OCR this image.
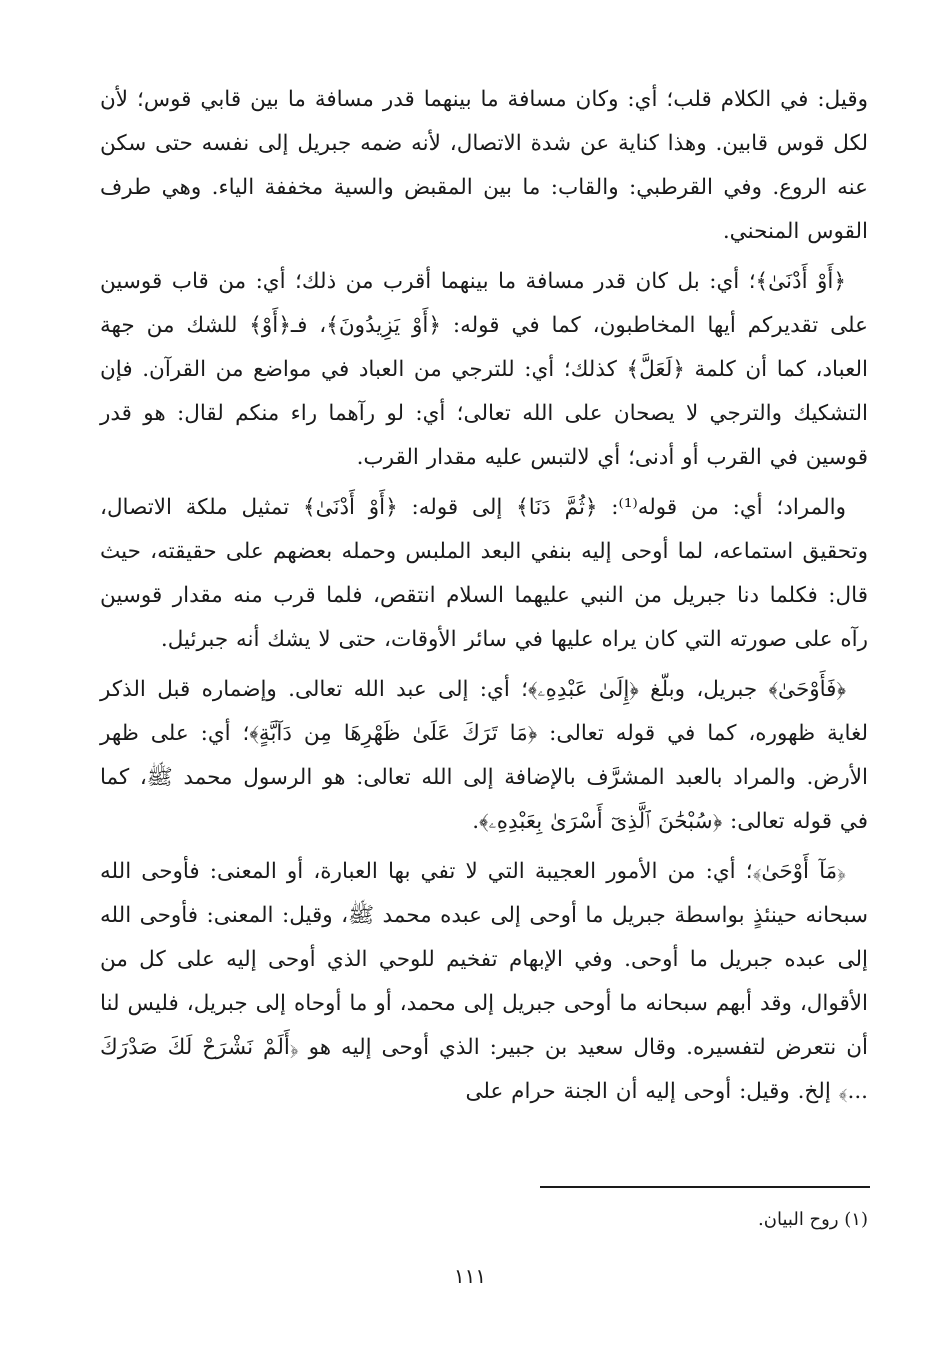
وقيل: في الكلام قلب؛ أي: وكان مسافة ما بينهما قدر مسافة ما بين قابي قوس؛ لأن لكل قوس قابين. وهذا كناية عن شدة الاتصال، لأنه ضمه جبريل إلى نفسه حتى سكن عنه الروع. وفي القرطبي: والقاب: ما بين المقبض والسية مخففة الياء. وهي طرف القوس المنحني.

﴿أَوْ أَدْنَىٰ﴾؛ أي: بل كان قدر مسافة ما بينهما أقرب من ذلك؛ أي: من قاب قوسين على تقديركم أيها المخاطبون، كما في قوله: ﴿أَوْ يَزِيدُونَ﴾، فـ﴿أَوْ﴾ للشك من جهة العباد، كما أن كلمة ﴿لَعَلَّ﴾ كذلك؛ أي: للترجي من العباد في مواضع من القرآن. فإن التشكيك والترجي لا يصحان على الله تعالى؛ أي: لو رآهما راء منكم لقال: هو قدر قوسين في القرب أو أدنى؛ أي لالتبس عليه مقدار القرب.

والمراد؛ أي: من قوله⁽¹⁾: ﴿ثُمَّ دَنَا﴾ إلى قوله: ﴿أَوْ أَدْنَىٰ﴾ تمثيل ملكة الاتصال، وتحقيق استماعه، لما أوحى إليه بنفي البعد الملبس وحمله بعضهم على حقيقته، حيث قال: فكلما دنا جبريل من النبي عليهما السلام انتقص، فلما قرب منه مقدار قوسين رآه على صورته التي كان يراه عليها في سائر الأوقات، حتى لا يشك أنه جبرئيل.

﴿فَأَوْحَىٰ﴾ جبريل، وبلّغ ﴿إِلَىٰ عَبْدِهِۦ﴾؛ أي: إلى عبد الله تعالى. وإضماره قبل الذكر لغاية ظهوره، كما في قوله تعالى: ﴿مَا تَرَكَ عَلَىٰ ظَهْرِهَا مِن دَآبَّةٍ﴾؛ أي: على ظهر الأرض. والمراد بالعبد المشرَّف بالإضافة إلى الله تعالى: هو الرسول محمد ﷺ، كما في قوله تعالى: ﴿سُبْحَٰنَ ٱلَّذِىٓ أَسْرَىٰ بِعَبْدِهِۦ﴾.

﴿مَآ أَوْحَىٰ﴾؛ أي: من الأمور العجيبة التي لا تفي بها العبارة، أو المعنى: فأوحى الله سبحانه حينئذٍ بواسطة جبريل ما أوحى إلى عبده محمد ﷺ، وقيل: المعنى: فأوحى الله إلى عبده جبريل ما أوحى. وفي الإبهام تفخيم للوحي الذي أوحى إليه على كل من الأقوال، وقد أبهم سبحانه ما أوحى جبريل إلى محمد، أو ما أوحاه إلى جبريل، فليس لنا أن نتعرض لتفسيره. وقال سعيد بن جبير: الذي أوحى إليه هو ﴿أَلَمْ نَشْرَحْ لَكَ صَدْرَكَ ...﴾ إلخ. وقيل: أوحى إليه أن الجنة حرام على

(١) روح البيان.
١١١
